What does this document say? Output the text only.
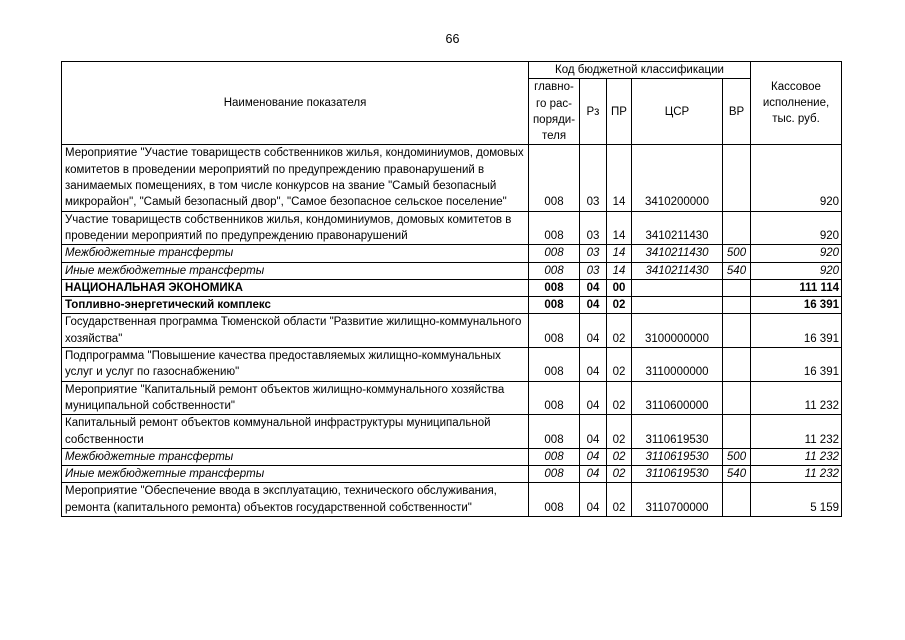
66
Наименование показателя	Код бюджетной классификации					Кассовое исполнение, тыс. руб.
	главно-го рас-поряди-теля	Рз	ПР	ЦСР	ВР	
Мероприятие "Участие товариществ собственников жилья, кондоминиумов, домовых комитетов в проведении мероприятий по предупреждению правонарушений в занимаемых помещениях, в том числе конкурсов на звание "Самый безопасный микрорайон", "Самый безопасный двор", "Самое безопасное сельское поселение"	008	03	14	3410200000		920
Участие товариществ собственников жилья, кондоминиумов, домовых комитетов в проведении мероприятий по предупреждению правонарушений	008	03	14	3410211430		920
Межбюджетные трансферты	008	03	14	3410211430	500	920
Иные межбюджетные трансферты	008	03	14	3410211430	540	920
НАЦИОНАЛЬНАЯ ЭКОНОМИКА	008	04	00			111 114
Топливно-энергетический комплекс	008	04	02			16 391
Государственная программа Тюменской области "Развитие жилищно-коммунального хозяйства"	008	04	02	3100000000		16 391
Подпрограмма "Повышение качества предоставляемых жилищно-коммунальных услуг и услуг по газоснабжению"	008	04	02	3110000000		16 391
Мероприятие "Капитальный ремонт объектов жилищно-коммунального хозяйства муниципальной собственности"	008	04	02	3110600000		11 232
Капитальный ремонт объектов коммунальной инфраструктуры муниципальной собственности	008	04	02	3110619530		11 232
Межбюджетные трансферты	008	04	02	3110619530	500	11 232
Иные межбюджетные трансферты	008	04	02	3110619530	540	11 232
Мероприятие "Обеспечение ввода в эксплуатацию, технического обслуживания, ремонта (капитального ремонта) объектов государственной собственности"	008	04	02	3110700000		5 159
